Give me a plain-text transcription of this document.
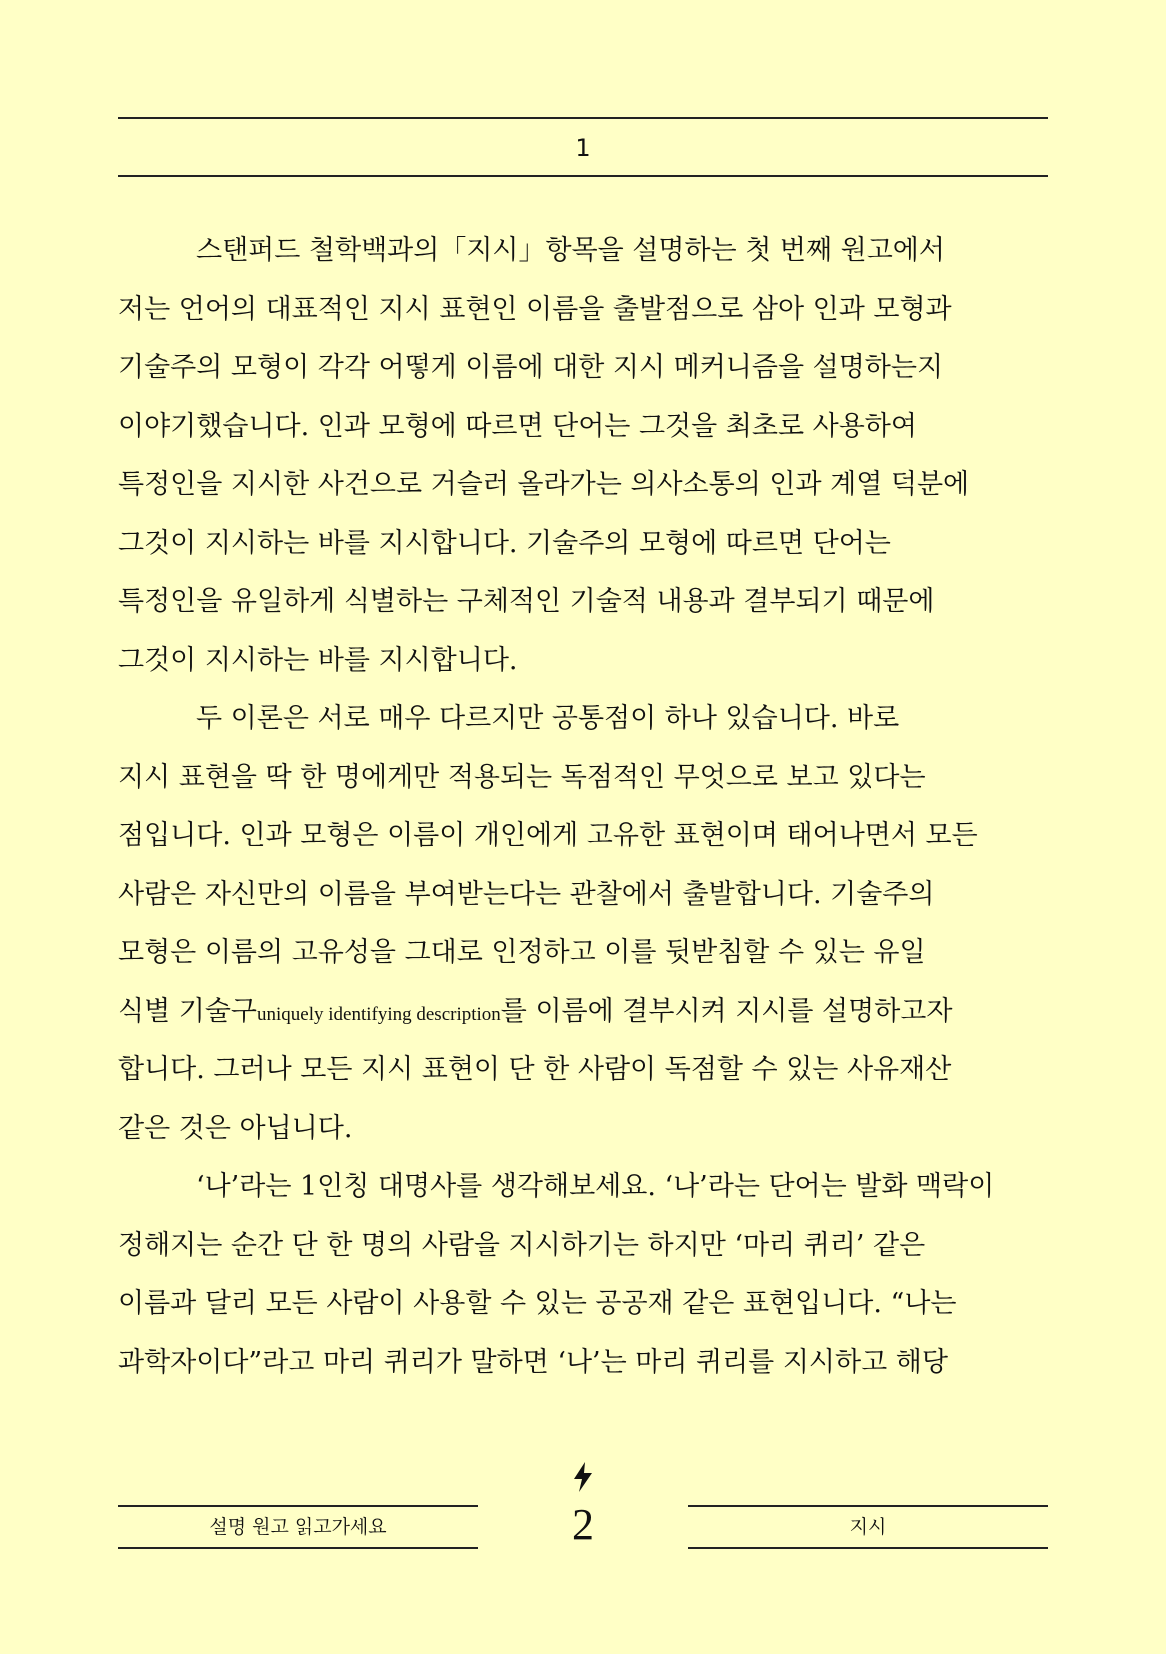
1
스탠퍼드 철학백과의「지시」항목을 설명하는 첫 번째 원고에서
저는 언어의 대표적인 지시 표현인 이름을 출발점으로 삼아 인과 모형과
기술주의 모형이 각각 어떻게 이름에 대한 지시 메커니즘을 설명하는지
이야기했습니다. 인과 모형에 따르면 단어는 그것을 최초로 사용하여
특정인을 지시한 사건으로 거슬러 올라가는 의사소통의 인과 계열 덕분에
그것이 지시하는 바를 지시합니다. 기술주의 모형에 따르면 단어는
특정인을 유일하게 식별하는 구체적인 기술적 내용과 결부되기 때문에
그것이 지시하는 바를 지시합니다.
두 이론은 서로 매우 다르지만 공통점이 하나 있습니다. 바로
지시 표현을 딱 한 명에게만 적용되는 독점적인 무엇으로 보고 있다는
점입니다. 인과 모형은 이름이 개인에게 고유한 표현이며 태어나면서 모든
사람은 자신만의 이름을 부여받는다는 관찰에서 출발합니다. 기술주의
모형은 이름의 고유성을 그대로 인정하고 이를 뒷받침할 수 있는 유일
식별 기술구uniquely identifying description를 이름에 결부시켜 지시를 설명하고자
합니다. 그러나 모든 지시 표현이 단 한 사람이 독점할 수 있는 사유재산
같은 것은 아닙니다.
‘나’라는 1인칭 대명사를 생각해보세요. ‘나’라는 단어는 발화 맥락이
정해지는 순간 단 한 명의 사람을 지시하기는 하지만 ‘마리 퀴리’ 같은
이름과 달리 모든 사람이 사용할 수 있는 공공재 같은 표현입니다. “나는
과학자이다”라고 마리 퀴리가 말하면 ‘나’는 마리 퀴리를 지시하고 해당
설명 원고 읽고가세요	2	지시
